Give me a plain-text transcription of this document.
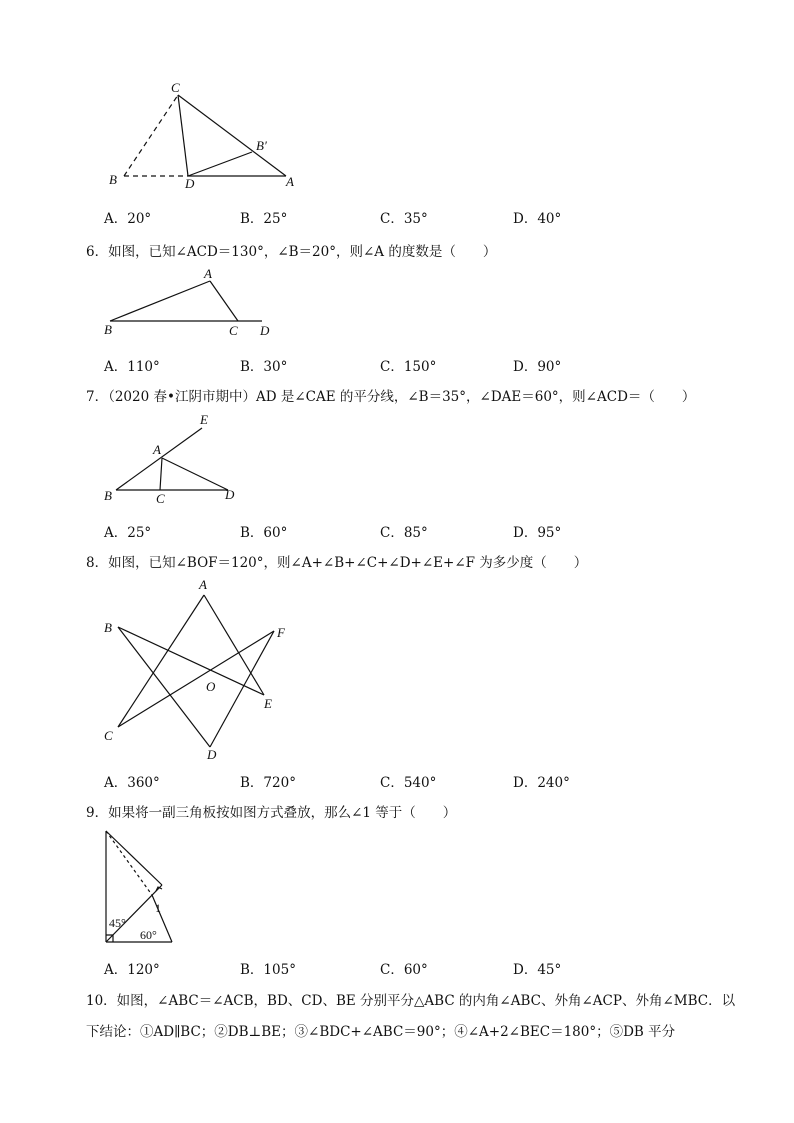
C
B′
B	D	A
A．20°	B．25°	C．35°	D．40°
6．如图，已知∠ACD＝130°，∠B＝20°，则∠A 的度数是（　　）
A
B	C D
A．110°	B．30°	C．150°	D．90°
7．（2020 春•江阴市期中）AD 是∠CAE 的平分线，∠B＝35°，∠DAE＝60°，则∠ACD＝（　　）
E
A
B	C	D
A．25°	B．60°	C．85°	D．95°
8．如图，已知∠BOF＝120°，则∠A+∠B+∠C+∠D+∠E+∠F 为多少度（　　）
A
B	F
O
E
C
D
A．360°	B．720°	C．540°	D．240°
9．如果将一副三角板按如图方式叠放，那么∠1 等于（　　）
1
45°
60°
A．120°	B．105°	C．60°	D．45°
10．如图，∠ABC＝∠ACB，BD、CD、BE 分别平分△ABC 的内角∠ABC、外角∠ACP、外角∠MBC．以
下结论：①AD∥BC；②DB⊥BE；③∠BDC+∠ABC＝90°；④∠A+2∠BEC＝180°；⑤DB 平分
